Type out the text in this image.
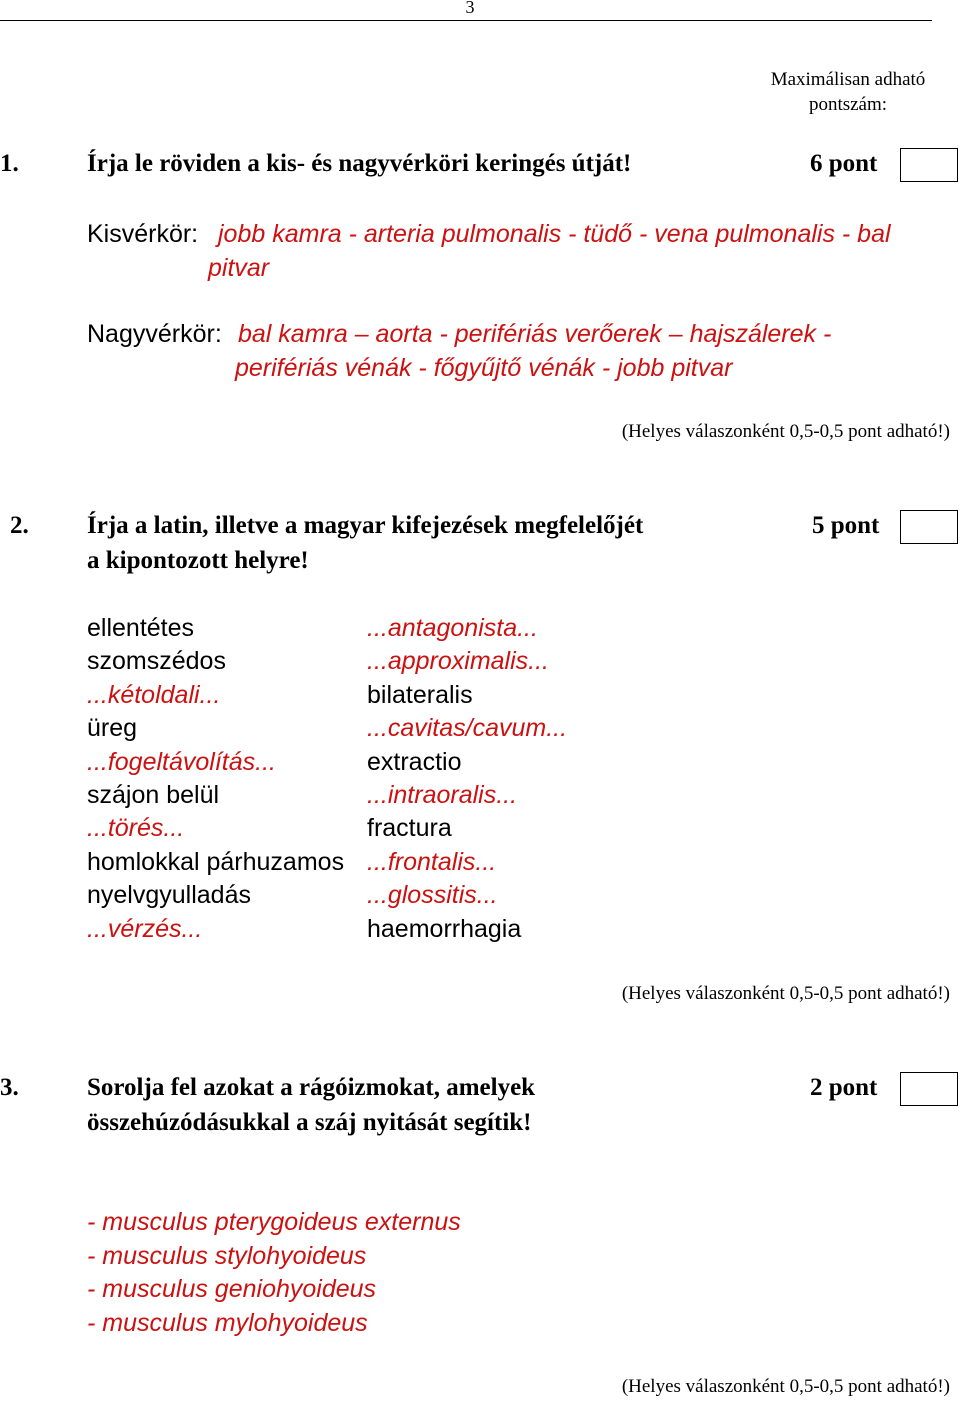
3
Maximálisan adható pontszám:
1.	Írja le röviden a kis- és nagyvérköri keringés útját!	6 pont
Kisvérkör: jobb kamra - arteria pulmonalis - tüdő - vena pulmonalis - bal
pitvar
Nagyvérkör: bal kamra – aorta - perifériás verőerek – hajszálerek -
perifériás vénák - főgyűjtő vénák - jobb pitvar
(Helyes válaszonként 0,5-0,5 pont adható!)
2. Írja a latin, illetve a magyar kifejezések megfelelőjét
a kipontozott helyre!
5 pont
ellentétes	...antagonista...
szomszédos	...approximalis...
...kétoldali...	bilateralis
üreg	...cavitas/cavum...
...fogeltávolítás...	extractio
szájon belül	...intraoralis...
...törés...	fractura
homlokkal párhuzamos ...frontalis...
nyelvgyulladás	...glossitis...
...vérzés...	haemorrhagia
(Helyes válaszonként 0,5-0,5 pont adható!)
3.	Sorolja fel azokat a rágóizmokat, amelyek
összehúzódásukkal a száj nyitását segítik!
2 pont
- musculus pterygoideus externus
- musculus stylohyoideus
- musculus geniohyoideus
- musculus mylohyoideus
(Helyes válaszonként 0,5-0,5 pont adható!)
